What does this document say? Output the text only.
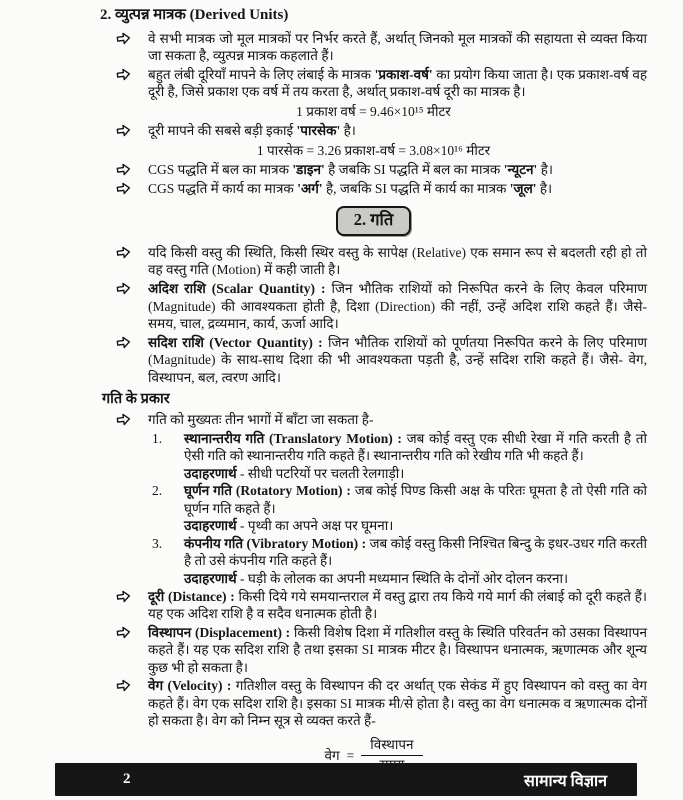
2. व्युत्पन्न मात्रक (Derived Units)

वे सभी मात्रक जो मूल मात्रकों पर निर्भर करते हैं, अर्थात् जिनको मूल मात्रकों की सहायता से व्यक्त किया जा सकता है, व्युत्पन्न मात्रक कहलाते हैं।

बहुत लंबी दूरियाँ मापने के लिए लंबाई के मात्रक 'प्रकाश-वर्ष' का प्रयोग किया जाता है। एक प्रकाश-वर्ष वह दूरी है, जिसे प्रकाश एक वर्ष में तय करता है, अर्थात् प्रकाश-वर्ष दूरी का मात्रक है।

1 प्रकाश वर्ष = 9.46×10¹⁵ मीटर

दूरी मापने की सबसे बड़ी इकाई 'पारसेक' है।

1 पारसेक = 3.26 प्रकाश-वर्ष = 3.08×10¹⁶ मीटर

CGS पद्धति में बल का मात्रक 'डाइन' है जबकि SI पद्धति में बल का मात्रक 'न्यूटन' है।

CGS पद्धति में कार्य का मात्रक 'अर्ग' है, जबकि SI पद्धति में कार्य का मात्रक 'जूल' है।

2. गति

यदि किसी वस्तु की स्थिति, किसी स्थिर वस्तु के सापेक्ष (Relative) एक समान रूप से बदलती रही हो तो वह वस्तु गति (Motion) में कही जाती है।

अदिश राशि (Scalar Quantity) : जिन भौतिक राशियों को निरूपित करने के लिए केवल परिमाण (Magnitude) की आवश्यकता होती है, दिशा (Direction) की नहीं, उन्हें अदिश राशि कहते हैं। जैसे- समय, चाल, द्रव्यमान, कार्य, ऊर्जा आदि।

सदिश राशि (Vector Quantity) : जिन भौतिक राशियों को पूर्णतया निरूपित करने के लिए परिमाण (Magnitude) के साथ-साथ दिशा की भी आवश्यकता पड़ती है, उन्हें सदिश राशि कहते हैं। जैसे- वेग, विस्थापन, बल, त्वरण आदि।

गति के प्रकार

गति को मुख्यतः तीन भागों में बाँटा जा सकता है-

1. स्थानान्तरीय गति (Translatory Motion) : जब कोई वस्तु एक सीधी रेखा में गति करती है तो ऐसी गति को स्थानान्तरीय गति कहते हैं। स्थानान्तरीय गति को रेखीय गति भी कहते हैं।

उदाहरणार्थ - सीधी पटरियों पर चलती रेलगाड़ी।

2. घूर्णन गति (Rotatory Motion) : जब कोई पिण्ड किसी अक्ष के परितः घूमता है तो ऐसी गति को घूर्णन गति कहते हैं।

उदाहरणार्थ - पृथ्वी का अपने अक्ष पर घूमना।

3. कंपनीय गति (Vibratory Motion) : जब कोई वस्तु किसी निश्चित बिन्दु के इधर-उधर गति करती है तो उसे कंपनीय गति कहते हैं।

उदाहरणार्थ - घड़ी के लोलक का अपनी मध्यमान स्थिति के दोनों ओर दोलन करना।

दूरी (Distance) : किसी दिये गये समयान्तराल में वस्तु द्वारा तय किये गये मार्ग की लंबाई को दूरी कहते हैं। यह एक अदिश राशि है व सदैव धनात्मक होती है।

विस्थापन (Displacement) : किसी विशेष दिशा में गतिशील वस्तु के स्थिति परिवर्तन को उसका विस्थापन कहते हैं। यह एक सदिश राशि है तथा इसका SI मात्रक मीटर है। विस्थापन धनात्मक, ऋणात्मक और शून्य कुछ भी हो सकता है।

वेग (Velocity) : गतिशील वस्तु के विस्थापन की दर अर्थात् एक सेकंड में हुए विस्थापन को वस्तु का वेग कहते हैं। वेग एक सदिश राशि है। इसका SI मात्रक मी/से होता है। वस्तु का वेग धनात्मक व ऋणात्मक दोनों हो सकता है। वेग को निम्न सूत्र से व्यक्त करते हैं-

वेग =
विस्थापन
2	सामान्य विज्ञान
